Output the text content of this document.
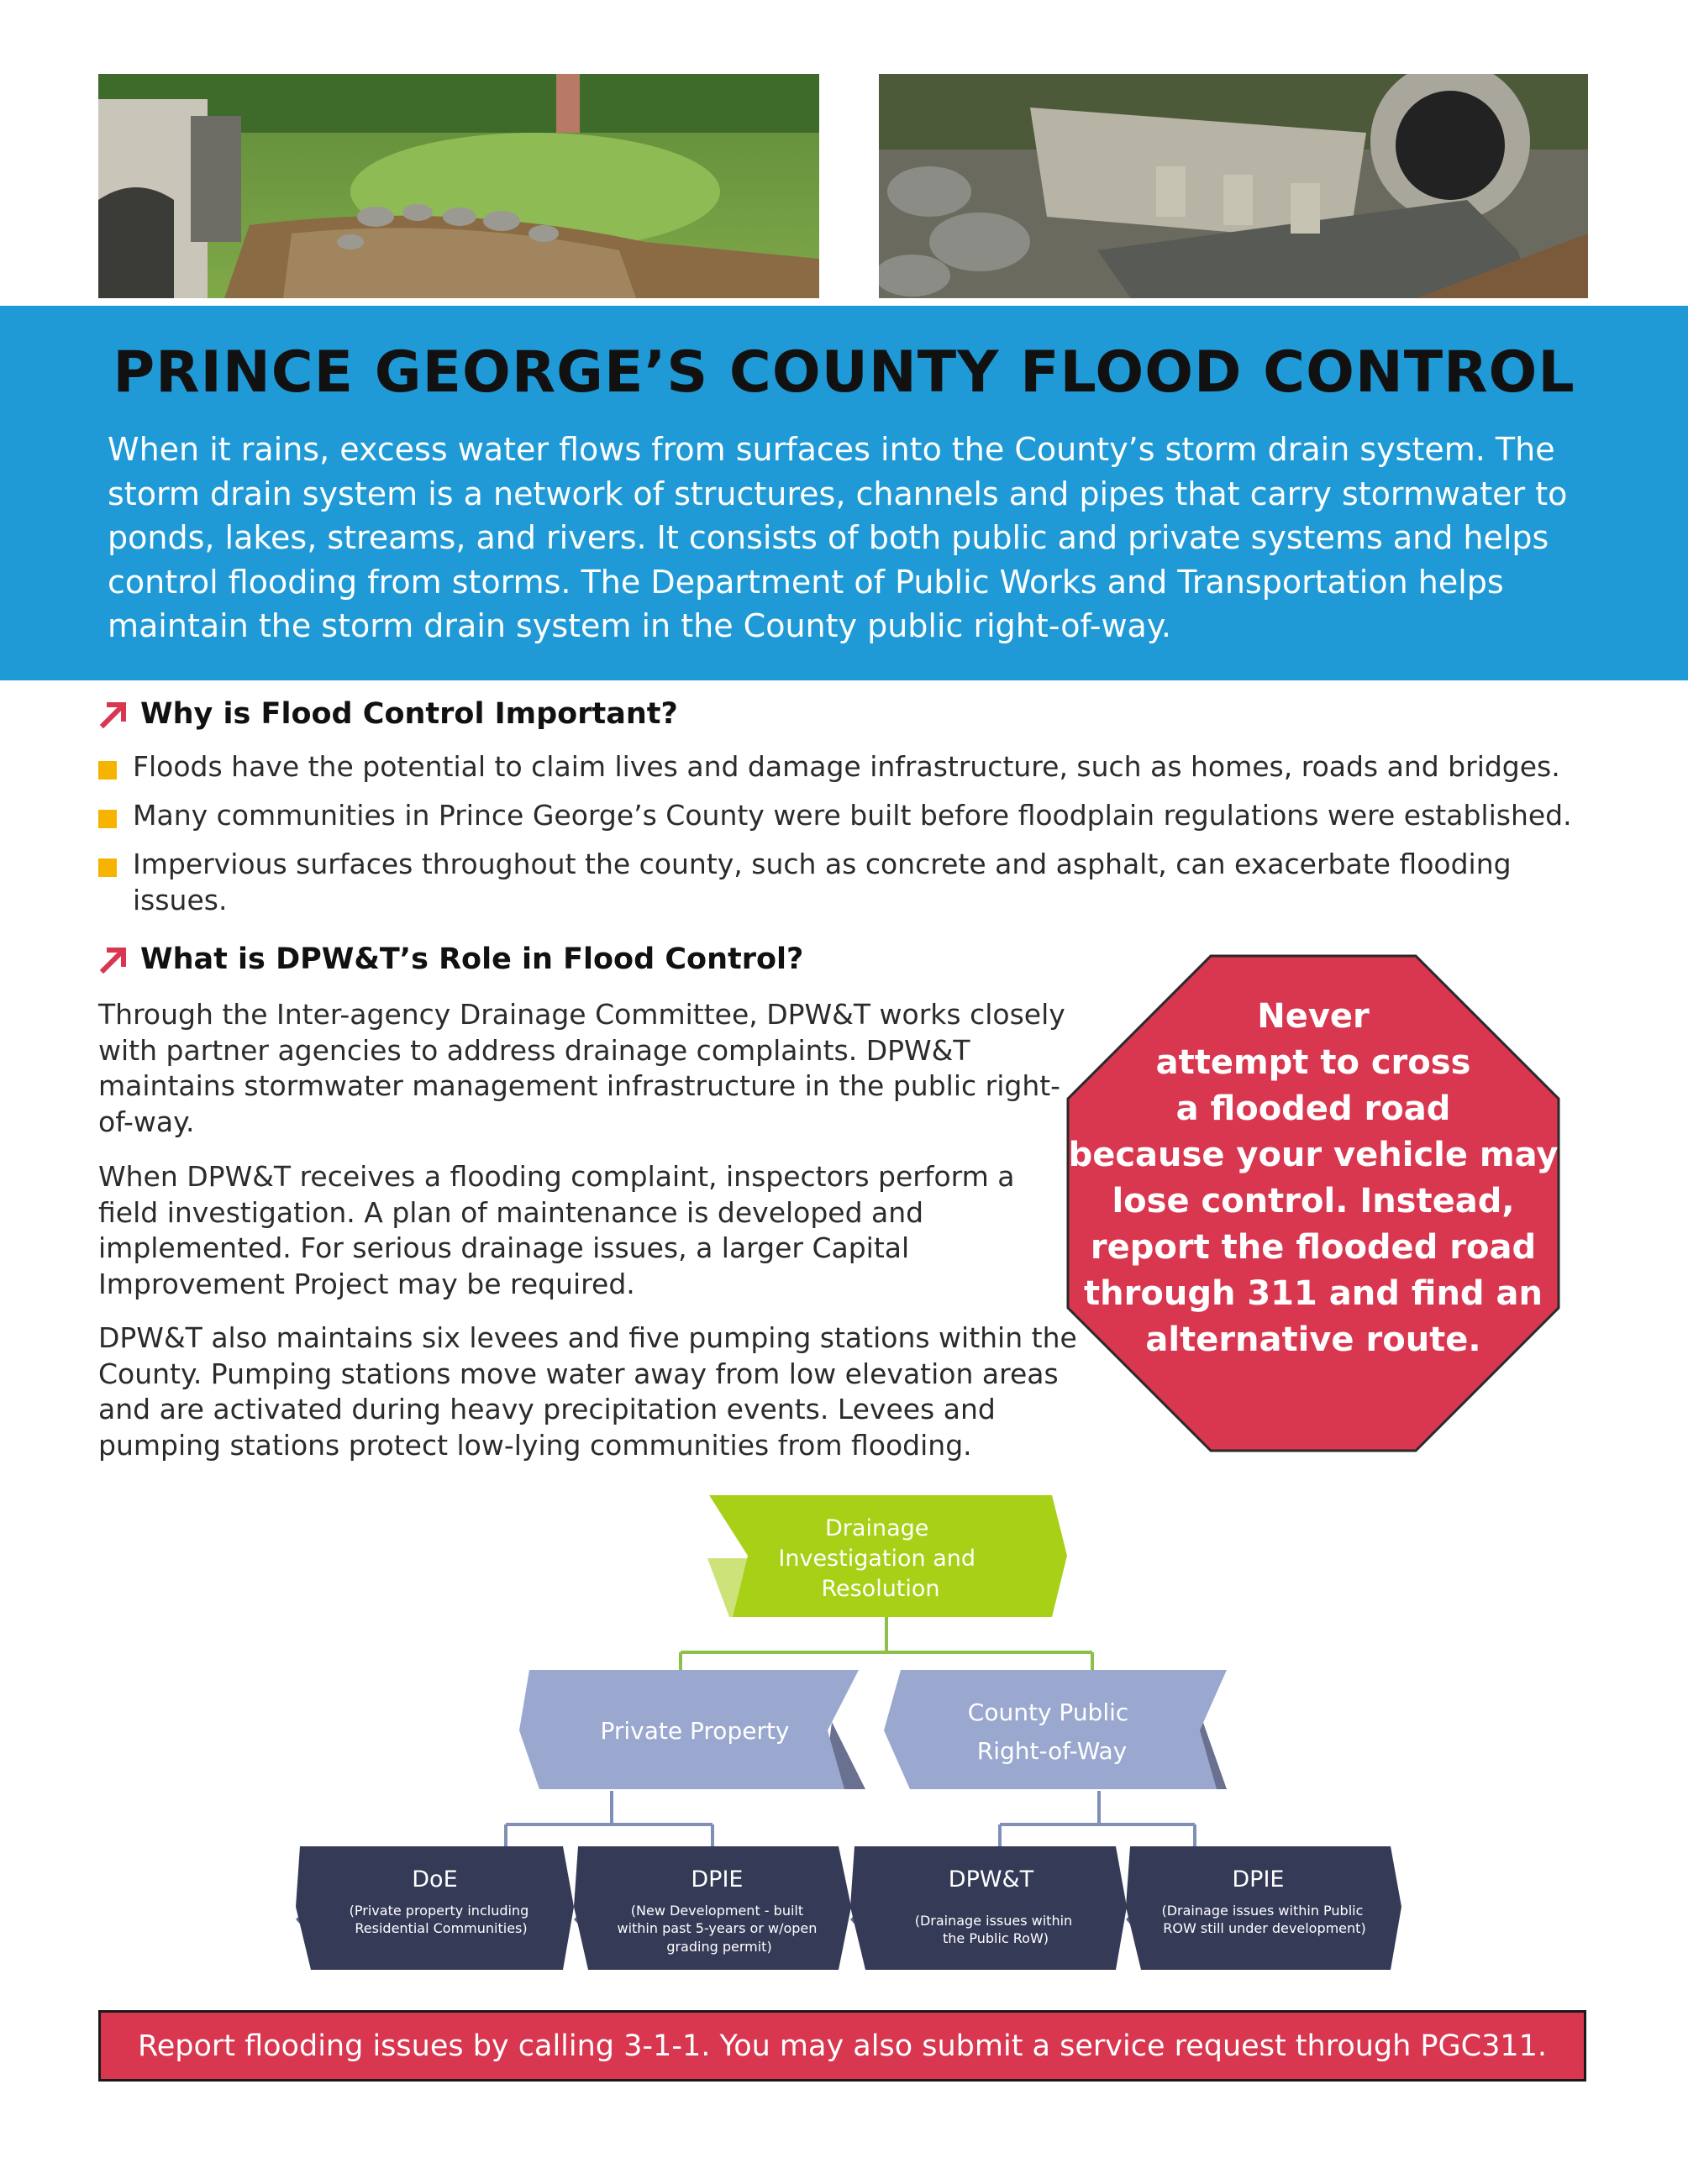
PRINCE GEORGE’S COUNTY FLOOD CONTROL

When it rains, excess water flows from surfaces into the County’s storm drain system. The storm drain system is a network of structures, channels and pipes that carry stormwater to ponds, lakes, streams, and rivers. It consists of both public and private systems and helps control flooding from storms. The Department of Public Works and Transportation helps maintain the storm drain system in the County public right-of-way.

Why is Flood Control Important?
Floods have the potential to claim lives and damage infrastructure, such as homes, roads and bridges.
Many communities in Prince George’s County were built before floodplain regulations were established.
Impervious surfaces throughout the county, such as concrete and asphalt, can exacerbate flooding issues.
What is DPW&T’s Role in Flood Control?

Through the Inter-agency Drainage Committee, DPW&T works closely with partner agencies to address drainage complaints. DPW&T maintains stormwater management infrastructure in the public right-of-way.

When DPW&T receives a flooding complaint, inspectors perform a field investigation. A plan of maintenance is developed and implemented. For serious drainage issues, a larger Capital Improvement Project may be required.

DPW&T also maintains six levees and five pumping stations within the County. Pumping stations move water away from low elevation areas and are activated during heavy precipitation events. Levees and pumping stations protect low-lying communities from flooding.

Never
attempt to cross
a flooded road
because your vehicle may
lose control. Instead,
report the flooded road
through 311 and find an
alternative route.
Drainage Investigation and Resolution
Private Property
County Public Right-of-Way
DoE (Private property including Residential Communities)
DPIE (New Development - built within past 5-years or w/open grading permit)
DPW&T (Drainage issues within the Public RoW)
DPIE (Drainage issues within Public ROW still under development)
Report flooding issues by calling 3-1-1. You may also submit a service request through PGC311.
